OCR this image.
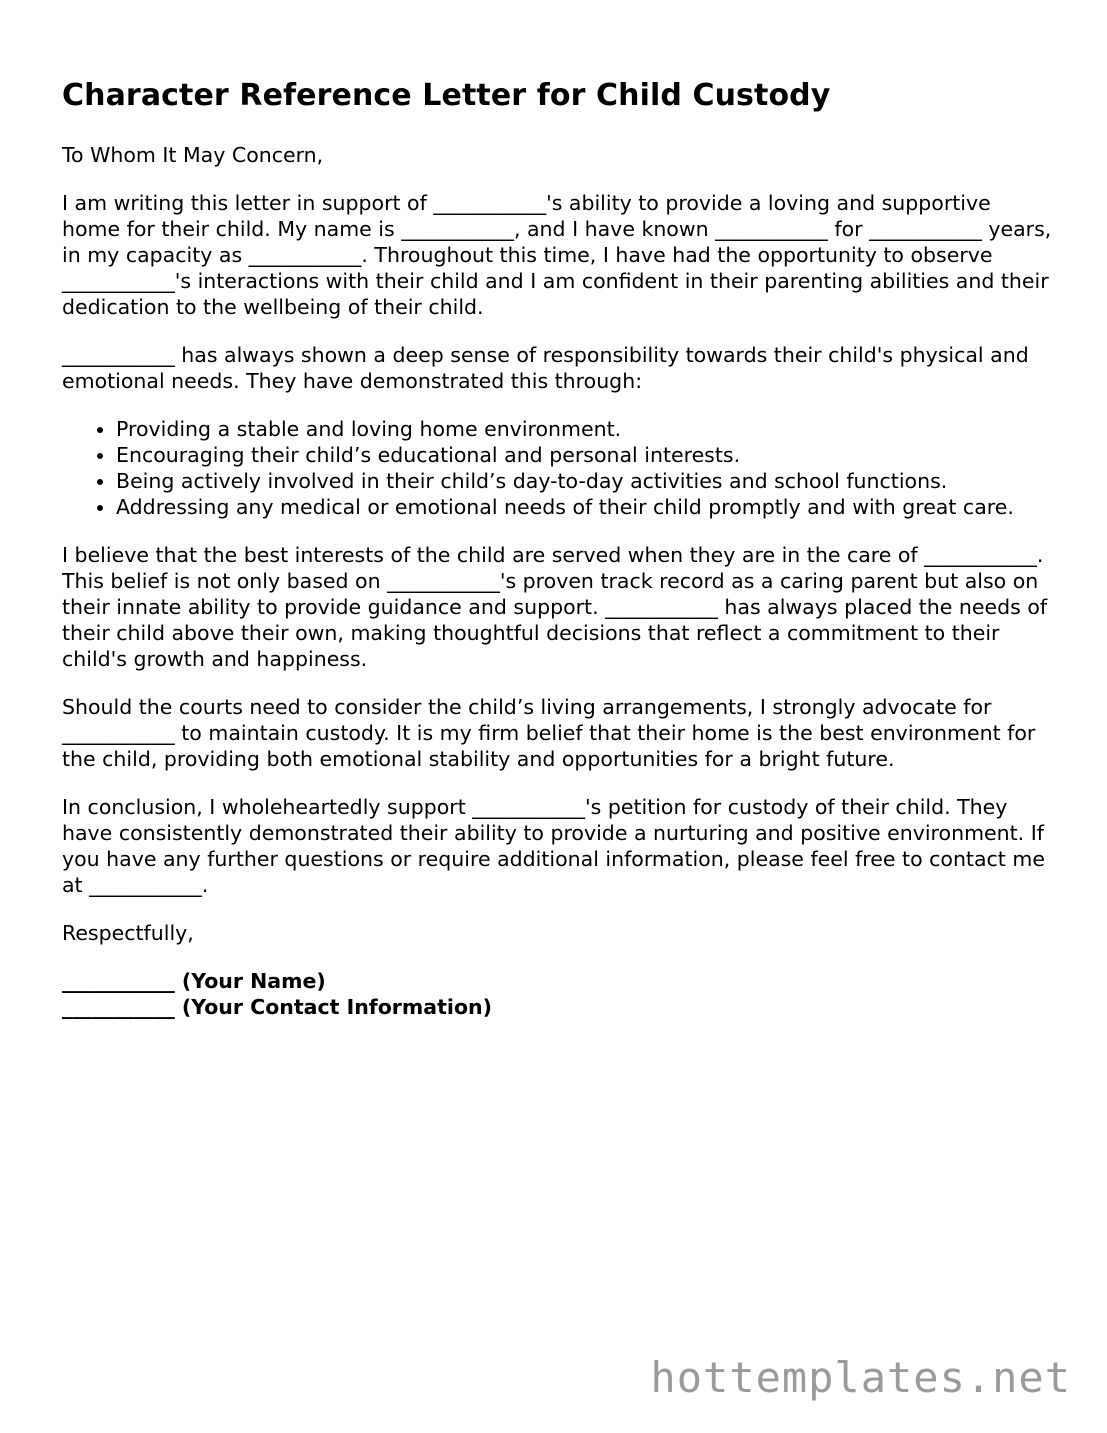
Character Reference Letter for Child Custody

To Whom It May Concern,

I am writing this letter in support of ___________'s ability to provide a loving and supportive home for their child. My name is ___________, and I have known ___________ for ___________ years, in my capacity as ___________. Throughout this time, I have had the opportunity to observe ___________'s interactions with their child and I am confident in their parenting abilities and their dedication to the wellbeing of their child.

___________ has always shown a deep sense of responsibility towards their child's physical and emotional needs. They have demonstrated this through:

• Providing a stable and loving home environment.
• Encouraging their child’s educational and personal interests.
• Being actively involved in their child’s day-to-day activities and school functions.
• Addressing any medical or emotional needs of their child promptly and with great care.

I believe that the best interests of the child are served when they are in the care of ___________. This belief is not only based on ___________'s proven track record as a caring parent but also on their innate ability to provide guidance and support. ___________ has always placed the needs of their child above their own, making thoughtful decisions that reflect a commitment to their child's growth and happiness.

Should the courts need to consider the child’s living arrangements, I strongly advocate for ___________ to maintain custody. It is my firm belief that their home is the best environment for the child, providing both emotional stability and opportunities for a bright future.

In conclusion, I wholeheartedly support ___________'s petition for custody of their child. They have consistently demonstrated their ability to provide a nurturing and positive environment. If you have any further questions or require additional information, please feel free to contact me at ___________.

Respectfully,

___________ (Your Name)

___________ (Your Contact Information)

hottemplates.net
